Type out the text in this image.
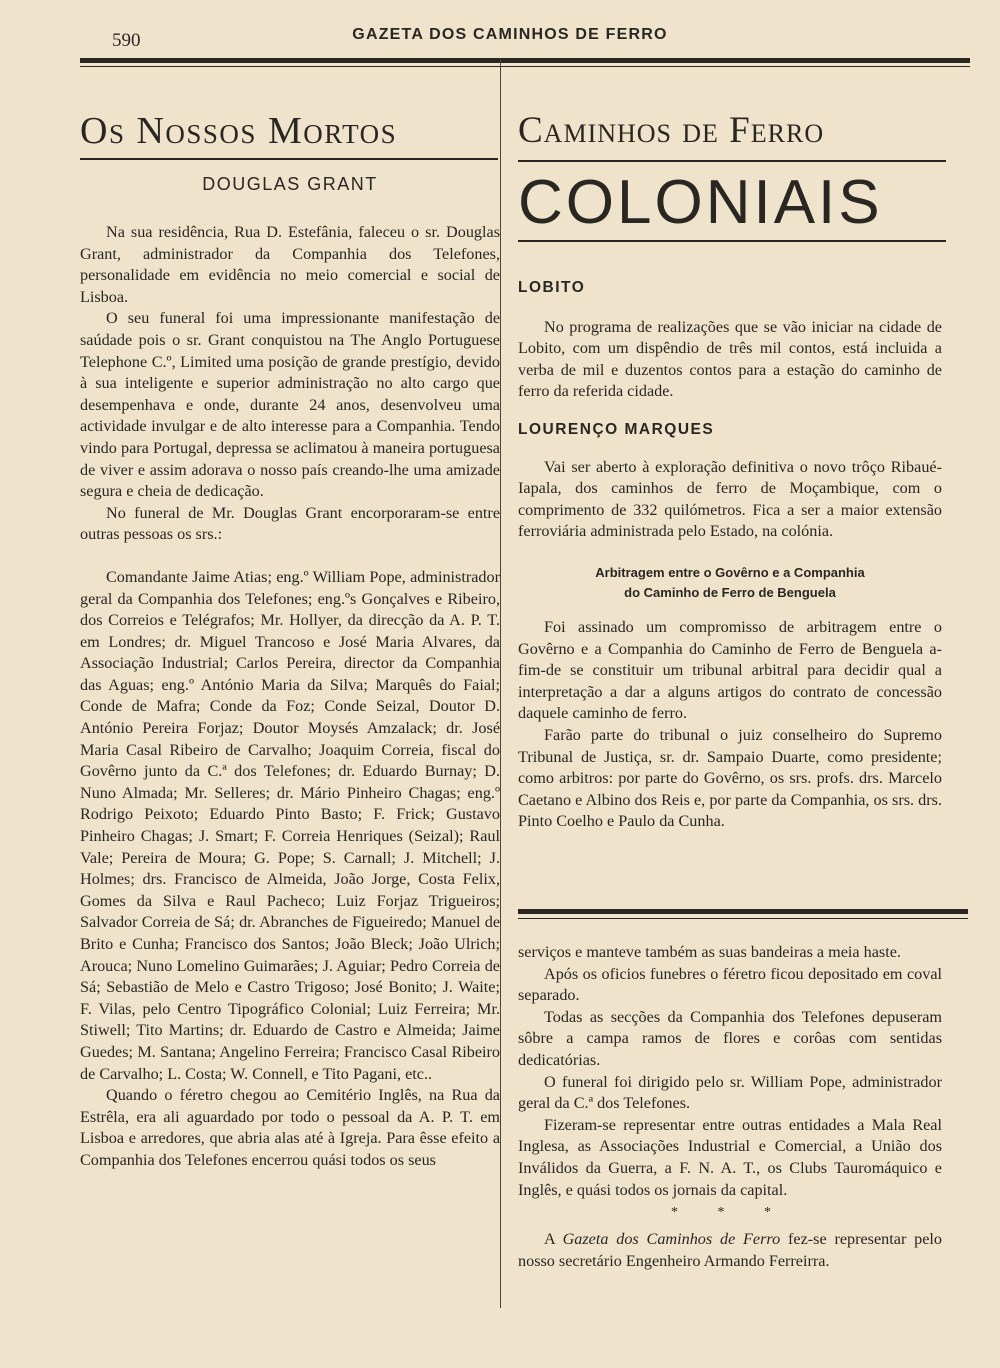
590	GAZETA DOS CAMINHOS DE FERRO
Os Nossos Mortos
DOUGLAS GRANT

Na sua residência, Rua D. Estefânia, faleceu o sr. Douglas Grant, administrador da Companhia dos Telefones, personalidade em evidência no meio comercial e social de Lisboa.

O seu funeral foi uma impressionante manifestação de saúdade pois o sr. Grant conquistou na The Anglo Portuguese Telephone C.º, Limited uma posição de grande prestígio, devido à sua inteligente e superior administração no alto cargo que desempenhava e onde, durante 24 anos, desenvolveu uma actividade invulgar e de alto interesse para a Companhia. Tendo vindo para Portugal, depressa se aclimatou à maneira portuguesa de viver e assim adorava o nosso país creando-lhe uma amizade segura e cheia de dedicação.

No funeral de Mr. Douglas Grant encorporaram-se entre outras pessoas os srs.:

Comandante Jaime Atias; eng.º William Pope, administrador geral da Companhia dos Telefones; eng.ºs Gonçalves e Ribeiro, dos Correios e Telégrafos; Mr. Hollyer, da direcção da A. P. T. em Londres; dr. Miguel Trancoso e José Maria Alvares, da Associação Industrial; Carlos Pereira, director da Companhia das Aguas; eng.º António Maria da Silva; Marquês do Faial; Conde de Mafra; Conde da Foz; Conde Seizal, Doutor D. António Pereira Forjaz; Doutor Moysés Amzalack; dr. José Maria Casal Ribeiro de Carvalho; Joaquim Correia, fiscal do Govêrno junto da C.ª dos Telefones; dr. Eduardo Burnay; D. Nuno Almada; Mr. Selleres; dr. Mário Pinheiro Chagas; eng.º Rodrigo Peixoto; Eduardo Pinto Basto; F. Frick; Gustavo Pinheiro Chagas; J. Smart; F. Correia Henriques (Seizal); Raul Vale; Pereira de Moura; G. Pope; S. Carnall; J. Mitchell; J. Holmes; drs. Francisco de Almeida, João Jorge, Costa Felix, Gomes da Silva e Raul Pacheco; Luiz Forjaz Trigueiros; Salvador Correia de Sá; dr. Abranches de Figueiredo; Manuel de Brito e Cunha; Francisco dos Santos; João Bleck; João Ulrich; Arouca; Nuno Lomelino Guimarães; J. Aguiar; Pedro Correia de Sá; Sebastião de Melo e Castro Trigoso; José Bonito; J. Waite; F. Vilas, pelo Centro Tipográfico Colonial; Luiz Ferreira; Mr. Stiwell; Tito Martins; dr. Eduardo de Castro e Almeida; Jaime Guedes; M. Santana; Angelino Ferreira; Francisco Casal Ribeiro de Carvalho; L. Costa; W. Connell, e Tito Pagani, etc..

Quando o féretro chegou ao Cemitério Inglês, na Rua da Estrêla, era ali aguardado por todo o pessoal da A. P. T. em Lisboa e arredores, que abria alas até à Igreja. Para êsse efeito a Companhia dos Telefones encerrou quási todos os seus

Caminhos de Ferro
COLONIAIS
LOBITO

No programa de realizações que se vão iniciar na cidade de Lobito, com um dispêndio de três mil contos, está incluida a verba de mil e duzentos contos para a estação do caminho de ferro da referida cidade.

LOURENÇO MARQUES

Vai ser aberto à exploração definitiva o novo trôço Ribaué-Iapala, dos caminhos de ferro de Moçambique, com o comprimento de 332 quilómetros. Fica a ser a maior extensão ferroviária administrada pelo Estado, na colónia.

Arbitragem entre o Govêrno e a Companhia
do Caminho de Ferro de Benguela

Foi assinado um compromisso de arbitragem entre o Govêrno e a Companhia do Caminho de Ferro de Benguela a-fim-de se constituir um tribunal arbitral para decidir qual a interpretação a dar a alguns artigos do contrato de concessão daquele caminho de ferro.

Farão parte do tribunal o juiz conselheiro do Supremo Tribunal de Justiça, sr. dr. Sampaio Duarte, como presidente; como arbitros: por parte do Govêrno, os srs. profs. drs. Marcelo Caetano e Albino dos Reis e, por parte da Companhia, os srs. drs. Pinto Coelho e Paulo da Cunha.

serviços e manteve também as suas bandeiras a meia haste.

Após os oficios funebres o féretro ficou depositado em coval separado.

Todas as secções da Companhia dos Telefones depuseram sôbre a campa ramos de flores e corôas com sentidas dedicatórias.

O funeral foi dirigido pelo sr. William Pope, administrador geral da C.ª dos Telefones.

Fizeram-se representar entre outras entidades a Mala Real Inglesa, as Associações Industrial e Comercial, a União dos Inválidos da Guerra, a F. N. A. T., os Clubs Tauromáquico e Inglês, e quási todos os jornais da capital.

* * *

A Gazeta dos Caminhos de Ferro fez-se representar pelo nosso secretário Engenheiro Armando Ferreirra.
